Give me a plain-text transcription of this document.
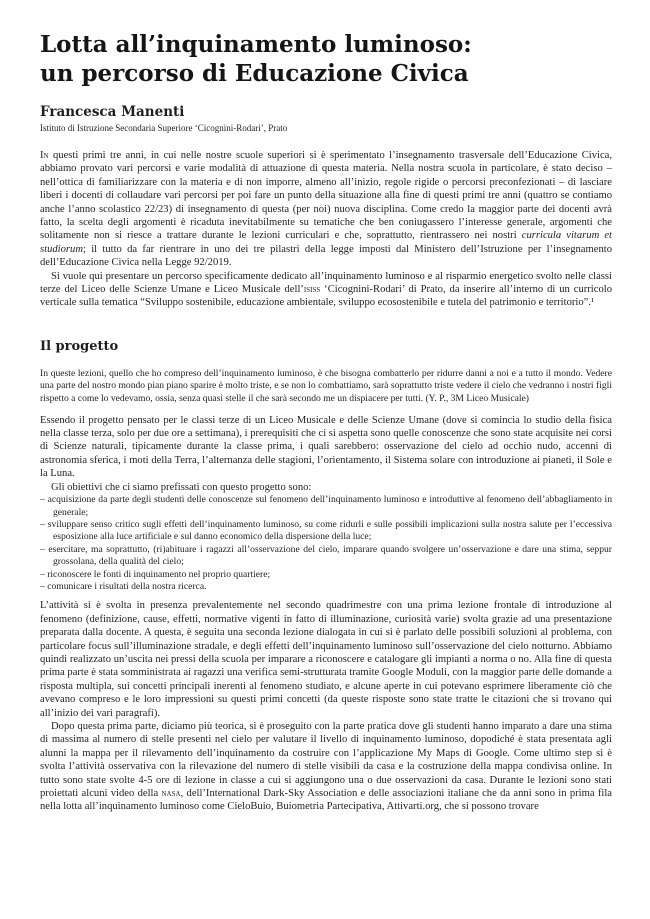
Lotta all’inquinamento luminoso:
un percorso di Educazione Civica
Francesca Manenti
Istituto di Istruzione Secondaria Superiore ‘Cicognini-Rodari’, Prato

In questi primi tre anni, in cui nelle nostre scuole superiori si è sperimentato l’insegnamento trasversale dell’Educazione Civica, abbiamo provato vari percorsi e varie modalità di attuazione di questa materia. Nella nostra scuola in particolare, è stato deciso – nell’ottica di familiarizzare con la materia e di non imporre, almeno all’inizio, regole rigide o percorsi preconfezionati – di lasciare liberi i docenti di collaudare vari percorsi per poi fare un punto della situazione alla fine di questi primi tre anni (quattro se contiamo anche l’anno scolastico 22/23) di insegnamento di questa (per noi) nuova disciplina. Come credo la maggior parte dei docenti avrà fatto, la scelta degli argomenti è ricaduta inevitabilmente su tematiche che ben coniugassero l’interesse generale, argomenti che solitamente non si riesce a trattare durante le lezioni curriculari e che, soprattutto, rientrassero nei nostri curricula vitarum et studiorum; il tutto da far rientrare in uno dei tre pilastri della legge imposti dal Ministero dell’Istruzione per l’insegnamento dell’Educazione Civica nella Legge 92/2019.

Si vuole qui presentare un percorso specificamente dedicato all’inquinamento luminoso e al risparmio energetico svolto nelle classi terze del Liceo delle Scienze Umane e Liceo Musicale dell’isiss ‘Cicognini-Rodari’ di Prato, da inserire all’interno di un curricolo verticale sulla tematica “Sviluppo sostenibile, educazione ambientale, sviluppo ecosostenibile e tutela del patrimonio e territorio”.¹

Il progetto

In queste lezioni, quello che ho compreso dell’inquinamento luminoso, è che bisogna combatterlo per ridurre danni a noi e a tutto il mondo. Vedere una parte del nostro mondo pian piano sparire è molto triste, e se non lo combattiamo, sarà soprattutto triste vedere il cielo che vedranno i nostri figli rispetto a come lo vedevamo, ossia, senza quasi stelle il che sarà secondo me un dispiacere per tutti. (Y. P., 3M Liceo Musicale)

Essendo il progetto pensato per le classi terze di un Liceo Musicale e delle Scienze Umane (dove si comincia lo studio della fisica nella classe terza, solo per due ore a settimana), i prerequisiti che ci si aspetta sono quelle conoscenze che sono state acquisite nei corsi di Scienze naturali, tipicamente durante la classe prima, i quali sarebbero: osservazione del cielo ad occhio nudo, accenni di astronomia sferica, i moti della Terra, l’alternanza delle stagioni, l’orientamento, il Sistema solare con introduzione ai pianeti, il Sole e la Luna.

Gli obiettivi che ci siamo prefissati con questo progetto sono:

– acquisizione da parte degli studenti delle conoscenze sul fenomeno dell’inquinamento luminoso e introduttive al fenomeno dell’abbagliamento in generale;
– sviluppare senso critico sugli effetti dell’inquinamento luminoso, su come ridurli e sulle possibili implicazioni sulla nostra salute per l’eccessiva esposizione alla luce artificiale e sul danno economico della dispersione della luce;
– esercitare, ma soprattutto, (ri)abituare i ragazzi all’osservazione del cielo, imparare quando svolgere un’osservazione e dare una stima, seppur grossolana, della qualità del cielo;
– riconoscere le fonti di inquinamento nel proprio quartiere;
– comunicare i risultati della nostra ricerca.

L’attività si è svolta in presenza prevalentemente nel secondo quadrimestre con una prima lezione frontale di introduzione al fenomeno (definizione, cause, effetti, normative vigenti in fatto di illuminazione, curiosità varie) svolta grazie ad una presentazione preparata dalla docente. A questa, è seguita una seconda lezione dialogata in cui si è parlato delle possibili soluzioni al problema, con particolare focus sull’illuminazione stradale, e degli effetti dell’inquinamento luminoso sull’osservazione del cielo notturno. Abbiamo quindi realizzato un’uscita nei pressi della scuola per imparare a riconoscere e catalogare gli impianti a norma o no. Alla fine di questa prima parte è stata somministrata ai ragazzi una verifica semi-strutturata tramite Google Moduli, con la maggior parte delle domande a risposta multipla, sui concetti principali inerenti al fenomeno studiato, e alcune aperte in cui potevano esprimere liberamente ciò che avevano compreso e le loro impressioni su questi primi concetti (da queste risposte sono state tratte le citazioni che si trovano qui all’inizio dei vari paragrafi).

Dopo questa prima parte, diciamo più teorica, si è proseguito con la parte pratica dove gli studenti hanno imparato a dare una stima di massima al numero di stelle presenti nel cielo per valutare il livello di inquinamento luminoso, dopodiché è stata presentata agli alunni la mappa per il rilevamento dell’inquinamento da costruire con l’applicazione My Maps di Google. Come ultimo step si è svolta l’attività osservativa con la rilevazione del numero di stelle visibili da casa e la costruzione della mappa condivisa online. In tutto sono state svolte 4-5 ore di lezione in classe a cui si aggiungono una o due osservazioni da casa. Durante le lezioni sono stati proiettati alcuni video della nasa, dell’International Dark-Sky Association e delle associazioni italiane che da anni sono in prima fila nella lotta all’inquinamento luminoso come CieloBuio, Buiometria Partecipativa, Attivarti.org, che si possono trovare
